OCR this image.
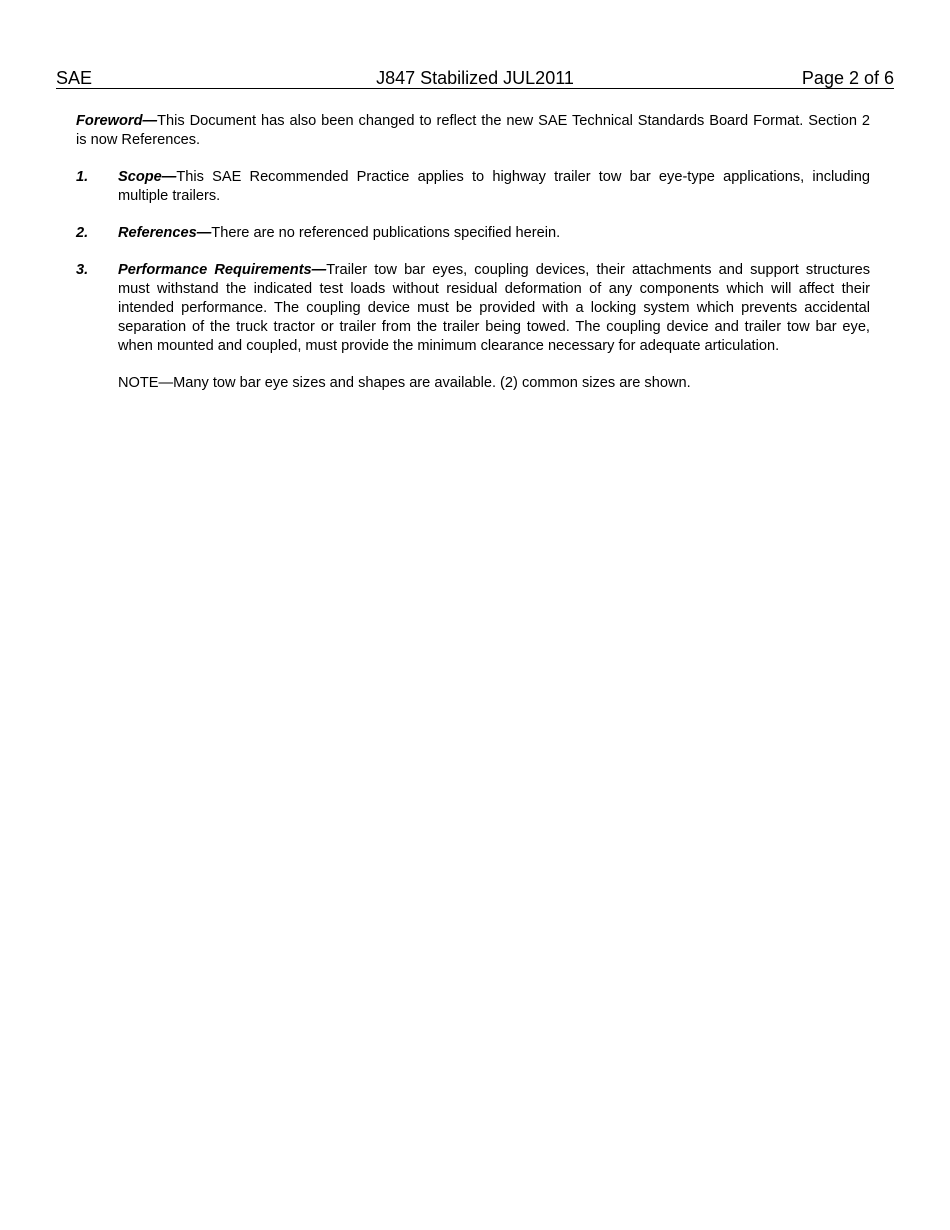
SAE	J847 Stabilized JUL2011	Page 2 of 6

Foreword—This Document has also been changed to reflect the new SAE Technical Standards Board Format. Section 2 is now References.

1. Scope—This SAE Recommended Practice applies to highway trailer tow bar eye-type applications, including multiple trailers.

2. References—There are no referenced publications specified herein.

3. Performance Requirements—Trailer tow bar eyes, coupling devices, their attachments and support structures must withstand the indicated test loads without residual deformation of any components which will affect their intended performance. The coupling device must be provided with a locking system which prevents accidental separation of the truck tractor or trailer from the trailer being towed. The coupling device and trailer tow bar eye, when mounted and coupled, must provide the minimum clearance necessary for adequate articulation.

NOTE—Many tow bar eye sizes and shapes are available. (2) common sizes are shown.
